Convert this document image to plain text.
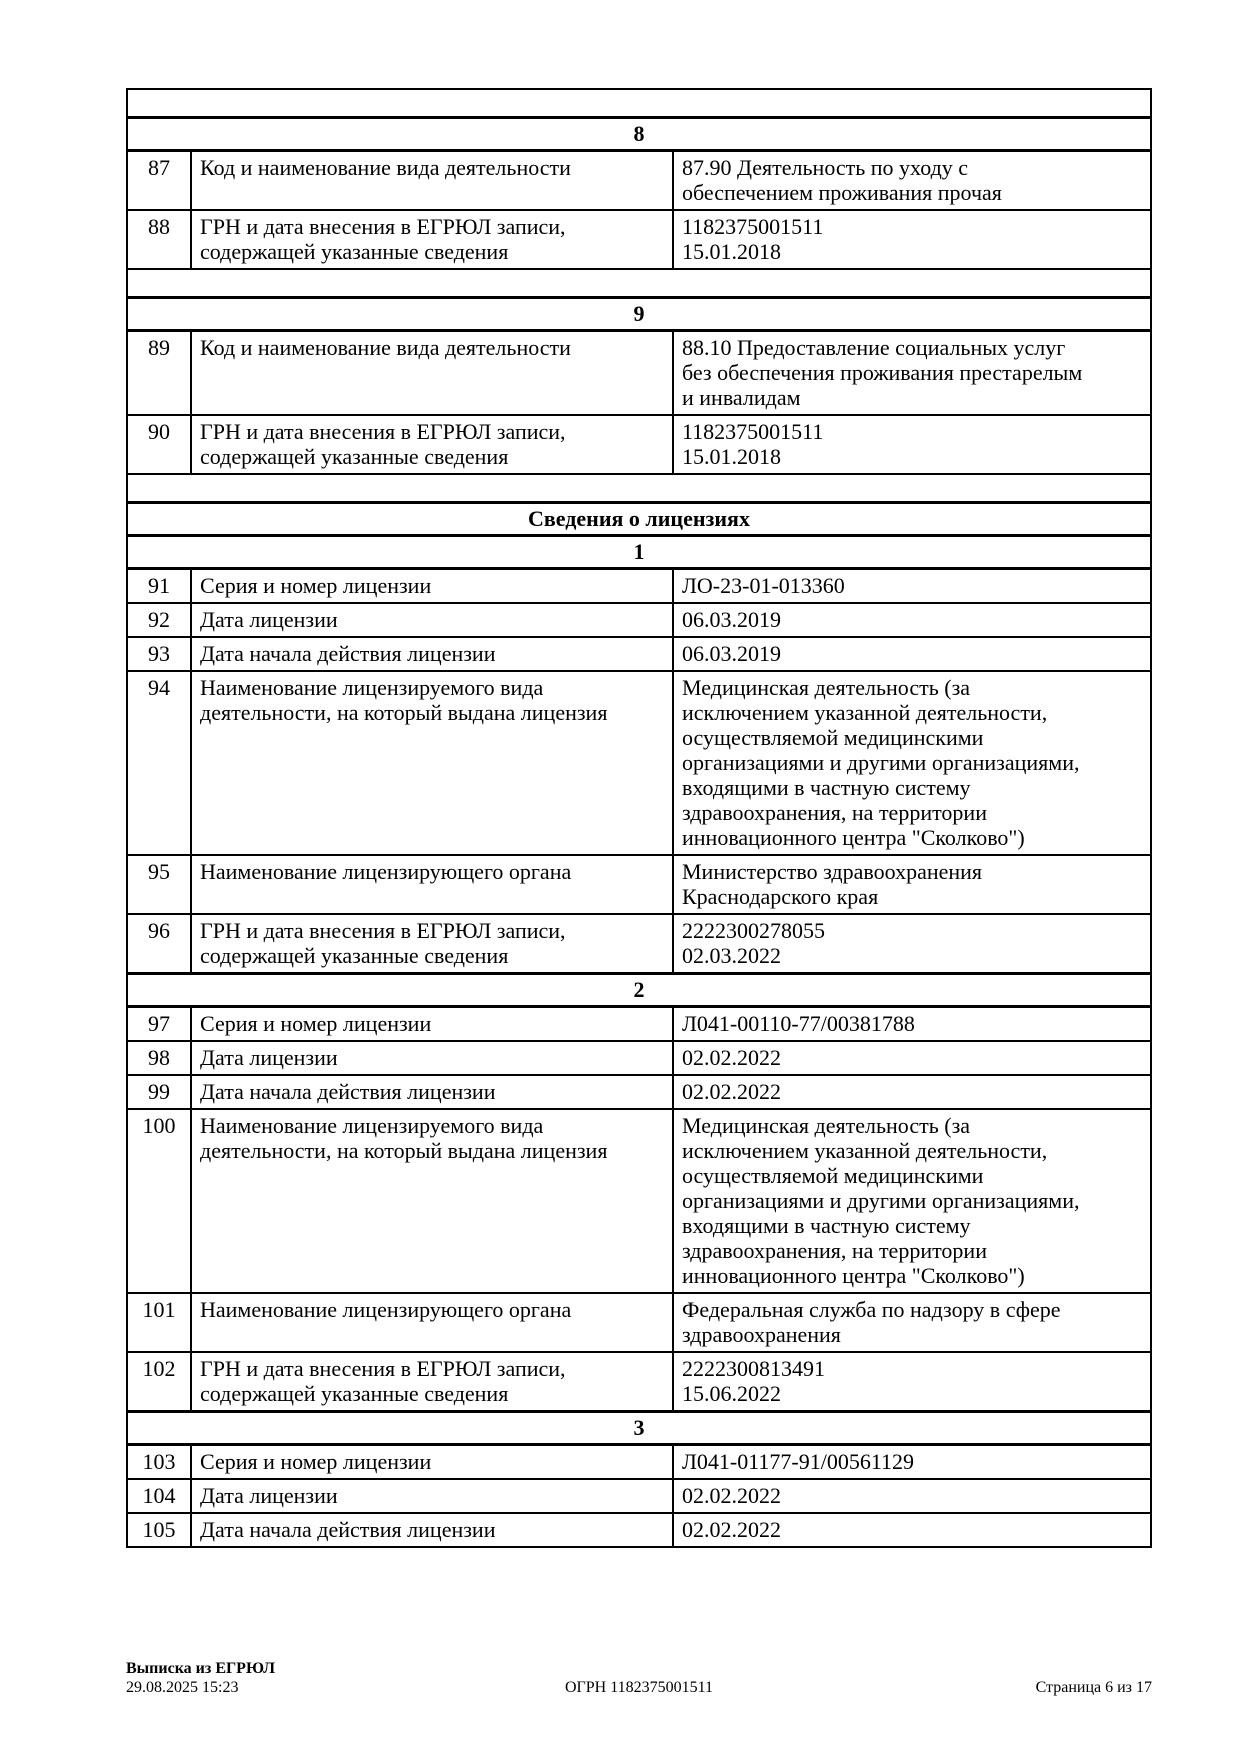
8		
87	Код и наименование вида деятельности	87.90 Деятельность по уходу с
обеспечением проживания прочая
88	ГРН и дата внесения в ЕГРЮЛ записи, содержащей указанные сведения	1182375001511
15.01.2018

9		
89	Код и наименование вида деятельности	88.10 Предоставление социальных услуг
без обеспечения проживания престарелым
и инвалидам
90	ГРН и дата внесения в ЕГРЮЛ записи, содержащей указанные сведения	1182375001511
15.01.2018

Сведения о лицензиях		
1		
91	Серия и номер лицензии	ЛО-23-01-013360
92	Дата лицензии	06.03.2019
93	Дата начала действия лицензии	06.03.2019
94	Наименование лицензируемого вида деятельности, на который выдана лицензия	Медицинская деятельность (за
исключением указанной деятельности,
осуществляемой медицинскими
организациями и другими организациями,
входящими в частную систему
здравоохранения, на территории
инновационного центра "Сколково")
95	Наименование лицензирующего органа	Министерство здравоохранения
Краснодарского края
96	ГРН и дата внесения в ЕГРЮЛ записи, содержащей указанные сведения	2222300278055
02.03.2022
2		
97	Серия и номер лицензии	Л041-00110-77/00381788
98	Дата лицензии	02.02.2022
99	Дата начала действия лицензии	02.02.2022
100	Наименование лицензируемого вида деятельности, на который выдана лицензия	Медицинская деятельность (за
исключением указанной деятельности,
осуществляемой медицинскими
организациями и другими организациями,
входящими в частную систему
здравоохранения, на территории
инновационного центра "Сколково")
101	Наименование лицензирующего органа	Федеральная служба по надзору в сфере
здравоохранения
102	ГРН и дата внесения в ЕГРЮЛ записи, содержащей указанные сведения	2222300813491
15.06.2022
3		
103	Серия и номер лицензии	Л041-01177-91/00561129
104	Дата лицензии	02.02.2022
105	Дата начала действия лицензии	02.02.2022
Выписка из ЕГРЮЛ
29.08.2025 15:23	ОГРН 1182375001511	Страница 6 из 17
